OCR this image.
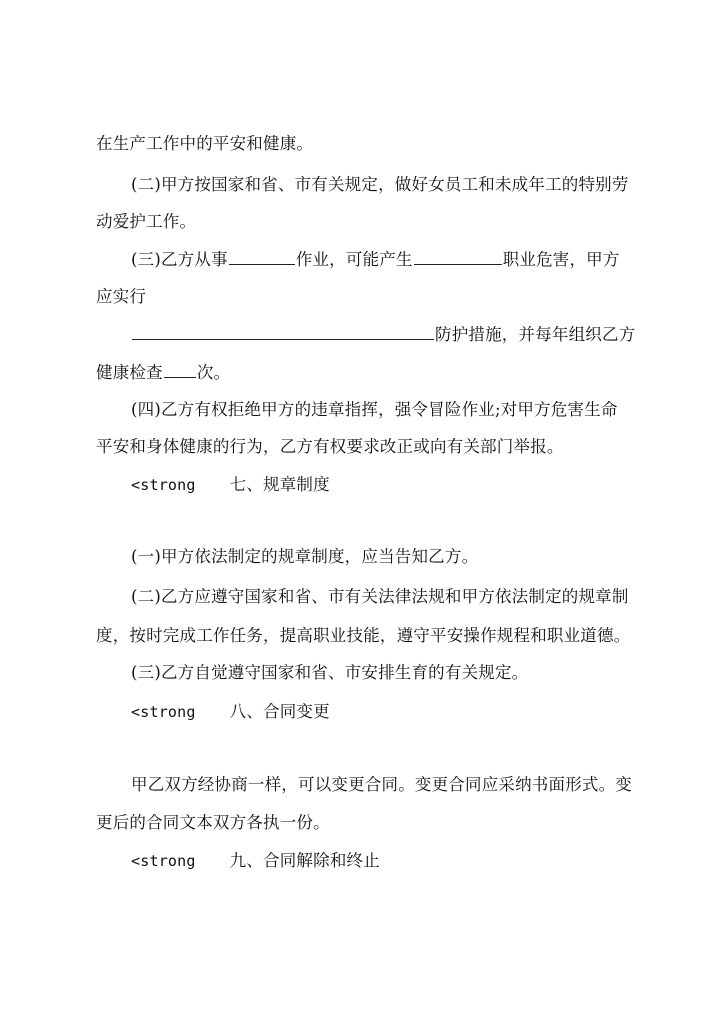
在生产工作中的平安和健康。
(二)甲方按国家和省、市有关规定，做好女员工和未成年工的特别劳
动爱护工作。
(三)乙方从事	作业，可能产生	职业危害，甲方
应实行
防护措施，并每年组织乙方
健康检查 次。
(四)乙方有权拒绝甲方的违章指挥，强令冒险作业;对甲方危害生命
平安和身体健康的行为，乙方有权要求改正或向有关部门举报。
<strong 七、规章制度
(一)甲方依法制定的规章制度，应当告知乙方。
(二)乙方应遵守国家和省、市有关法律法规和甲方依法制定的规章制
度，按时完成工作任务，提高职业技能，遵守平安操作规程和职业道德。
(三)乙方自觉遵守国家和省、市安排生育的有关规定。
<strong 八、合同变更
甲乙双方经协商一样，可以变更合同。变更合同应采纳书面形式。变
更后的合同文本双方各执一份。
<strong 九、合同解除和终止
